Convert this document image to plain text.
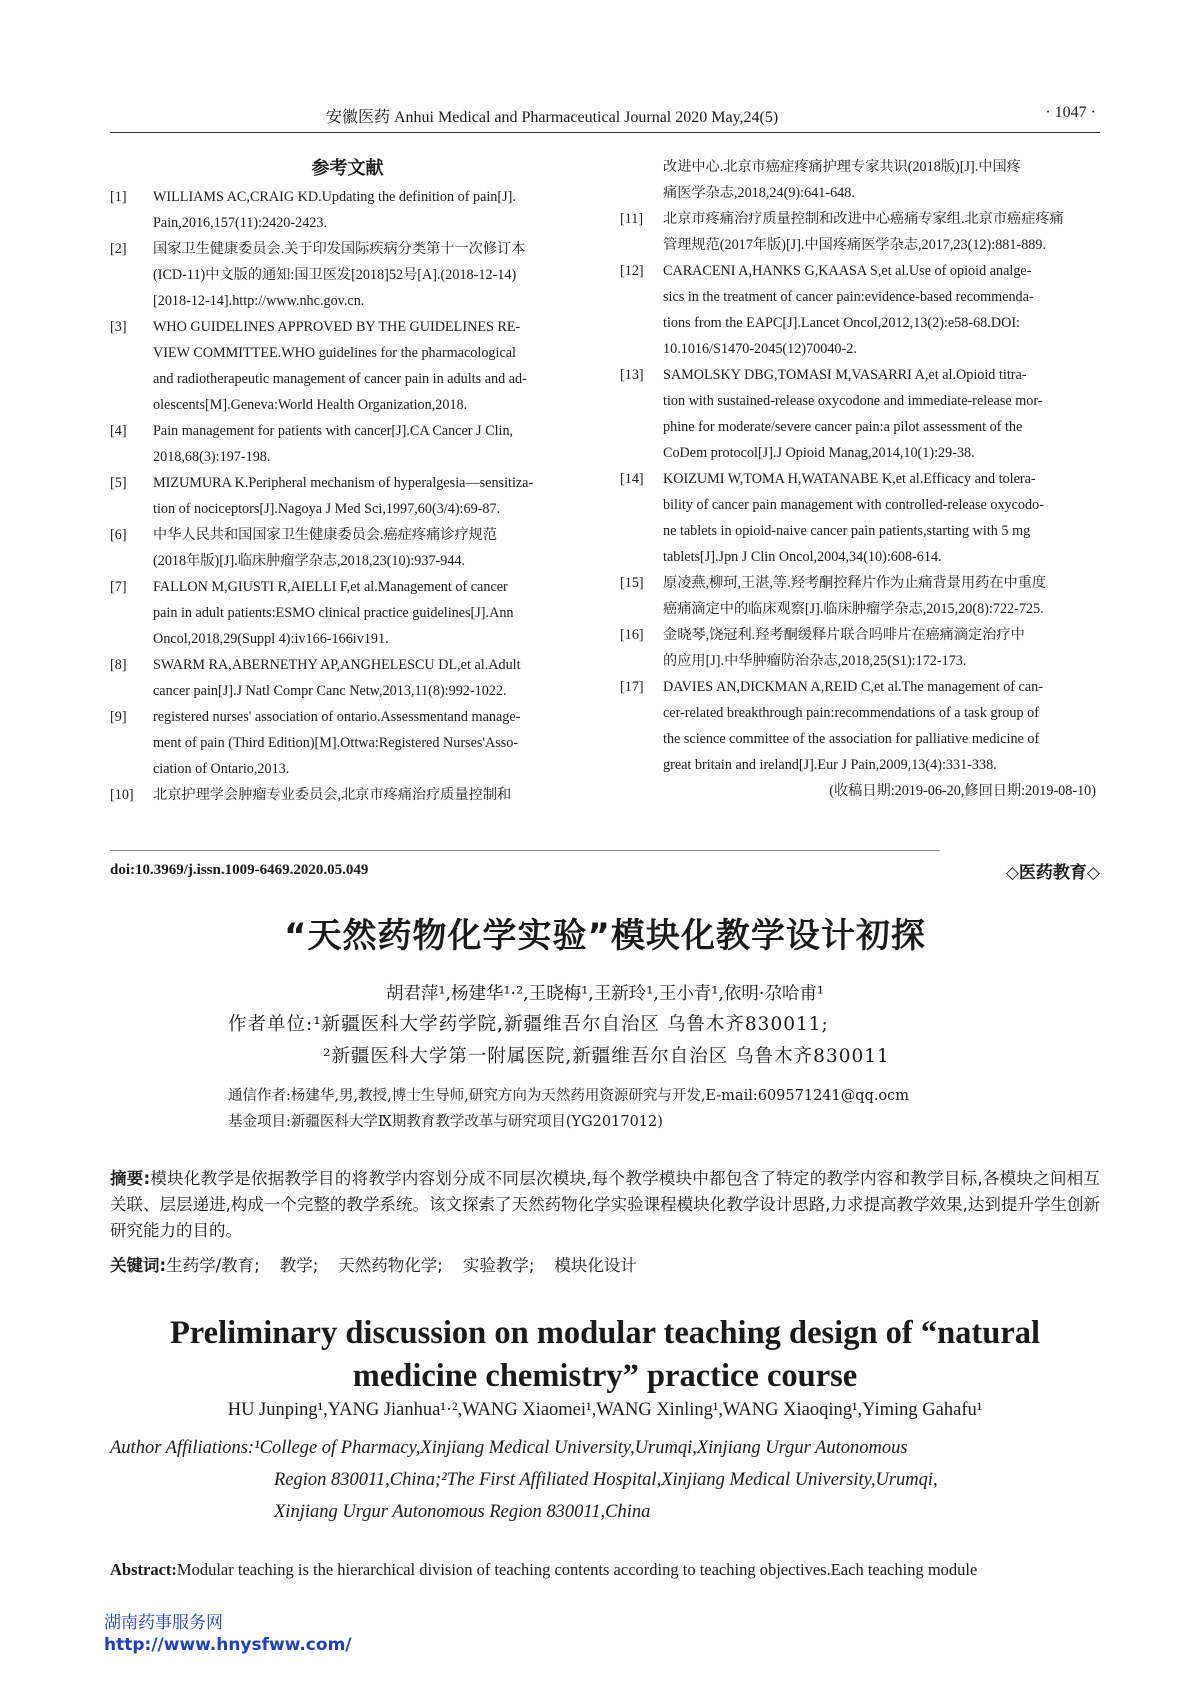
安徽医药 Anhui Medical and Pharmaceutical Journal 2020 May,24(5)	· 1047 ·
参考文献
[1] WILLIAMS AC,CRAIG KD.Updating the definition of pain[J].
Pain,2016,157(11):2420-2423.
[2] 国家卫生健康委员会.关于印发国际疾病分类第十一次修订本
(ICD-11)中文版的通知:国卫医发[2018]52号[A].(2018-12-14)
[2018-12-14].http://www.nhc.gov.cn.
[3] WHO GUIDELINES APPROVED BY THE GUIDELINES RE-
VIEW COMMITTEE.WHO guidelines for the pharmacological
and radiotherapeutic management of cancer pain in adults and ad-
olescents[M].Geneva:World Health Organization,2018.
[4] Pain management for patients with cancer[J].CA Cancer J Clin,
2018,68(3):197-198.
[5] MIZUMURA K.Peripheral mechanism of hyperalgesia—sensitiza-
tion of nociceptors[J].Nagoya J Med Sci,1997,60(3/4):69-87.
[6] 中华人民共和国国家卫生健康委员会.癌症疼痛诊疗规范
(2018年版)[J].临床肿瘤学杂志,2018,23(10):937-944.
[7] FALLON M,GIUSTI R,AIELLI F,et al.Management of cancer
pain in adult patients:ESMO clinical practice guidelines[J].Ann
Oncol,2018,29(Suppl 4):iv166-166iv191.
[8] SWARM RA,ABERNETHY AP,ANGHELESCU DL,et al.Adult
cancer pain[J].J Natl Compr Canc Netw,2013,11(8):992-1022.
[9] registered nurses' association of ontario.Assessmentand manage-
ment of pain (Third Edition)[M].Ottwa:Registered Nurses'Asso-
ciation of Ontario,2013.
[10] 北京护理学会肿瘤专业委员会,北京市疼痛治疗质量控制和
改进中心.北京市癌症疼痛护理专家共识(2018版)[J].中国疼
痛医学杂志,2018,24(9):641-648.
[11] 北京市疼痛治疗质量控制和改进中心癌痛专家组.北京市癌症疼痛
管理规范(2017年版)[J].中国疼痛医学杂志,2017,23(12):881-889.
[12] CARACENI A,HANKS G,KAASA S,et al.Use of opioid analge-
sics in the treatment of cancer pain:evidence-based recommenda-
tions from the EAPC[J].Lancet Oncol,2012,13(2):e58-68.DOI:
10.1016/S1470-2045(12)70040-2.
[13] SAMOLSKY DBG,TOMASI M,VASARRI A,et al.Opioid titra-
tion with sustained-release oxycodone and immediate-release mor-
phine for moderate/severe cancer pain:a pilot assessment of the
CoDem protocol[J].J Opioid Manag,2014,10(1):29-38.
[14] KOIZUMI W,TOMA H,WATANABE K,et al.Efficacy and tolera-
bility of cancer pain management with controlled-release oxycodo-
ne tablets in opioid-naive cancer pain patients,starting with 5 mg
tablets[J].Jpn J Clin Oncol,2004,34(10):608-614.
[15] 原凌燕,柳珂,王湛,等.羟考酮控释片作为止痛背景用药在中重度
癌痛滴定中的临床观察[J].临床肿瘤学杂志,2015,20(8):722-725.
[16] 金晓琴,饶冠利.羟考酮缓释片联合吗啡片在癌痛滴定治疗中
的应用[J].中华肿瘤防治杂志,2018,25(S1):172-173.
[17] DAVIES AN,DICKMAN A,REID C,et al.The management of can-
cer-related breakthrough pain:recommendations of a task group of
the science committee of the association for palliative medicine of
great britain and ireland[J].Eur J Pain,2009,13(4):331-338.
(收稿日期:2019-06-20,修回日期:2019-08-10)
doi:10.3969/j.issn.1009-6469.2020.05.049	◇医药教育◇
“天然药物化学实验”模块化教学设计初探
胡君萍¹,杨建华¹·²,王晓梅¹,王新玲¹,王小青¹,依明·尕哈甫¹
作者单位:¹新疆医科大学药学院,新疆维吾尔自治区 乌鲁木齐830011;
²新疆医科大学第一附属医院,新疆维吾尔自治区 乌鲁木齐830011
通信作者:杨建华,男,教授,博士生导师,研究方向为天然药用资源研究与开发,E-mail:609571241@qq.ocm
基金项目:新疆医科大学Ⅸ期教育教学改革与研究项目(YG2017012)
摘要:模块化教学是依据教学目的将教学内容划分成不同层次模块,每个教学模块中都包含了特定的教学内容和教学目标,各模块之间相互关联、层层递进,构成一个完整的教学系统。该文探索了天然药物化学实验课程模块化教学设计思路,力求提高教学效果,达到提升学生创新研究能力的目的。
关键词:生药学/教育; 教学; 天然药物化学; 实验教学; 模块化设计
Preliminary discussion on modular teaching design of “natural
medicine chemistry” practice course
HU Junping¹,YANG Jianhua¹·²,WANG Xiaomei¹,WANG Xinling¹,WANG Xiaoqing¹,Yiming Gahafu¹
Author Affiliations:¹College of Pharmacy,Xinjiang Medical University,Urumqi,Xinjiang Urgur Autonomous
Region 830011,China;²The First Affiliated Hospital,Xinjiang Medical University,Urumqi,
Xinjiang Urgur Autonomous Region 830011,China
Abstract:Modular teaching is the hierarchical division of teaching contents according to teaching objectives.Each teaching module
湖南药事服务网
http://www.hnysfww.com/
